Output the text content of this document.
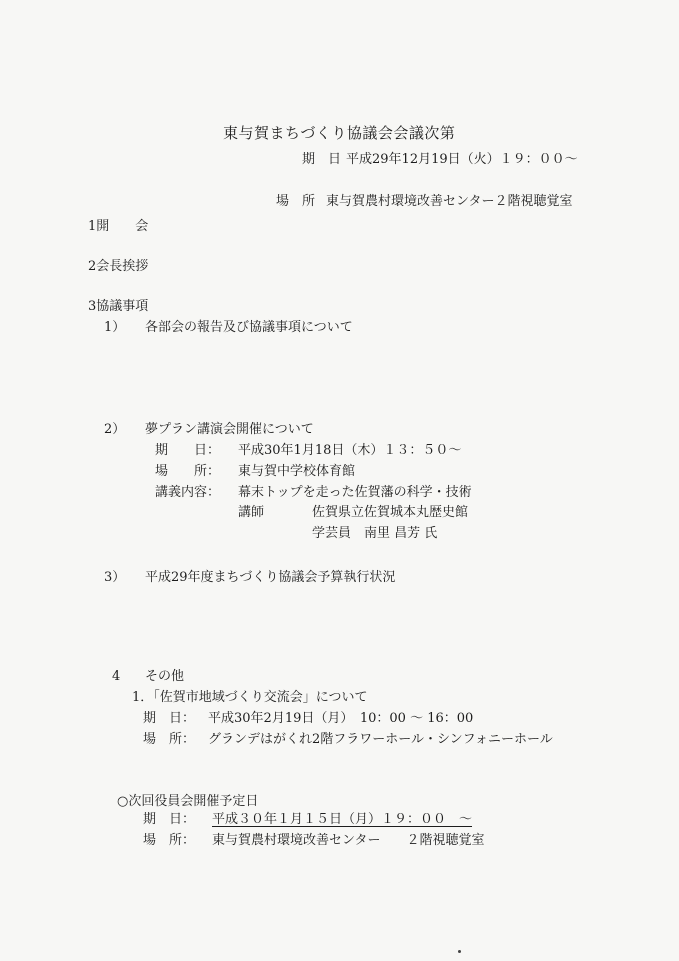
東与賀まちづくり協議会会議次第
期　日 平成29年12月19日（火）１９：００～
場　所 東与賀農村環境改善センター２階視聴覚室
1開　　会
2会長挨拶
3協議事項
1） 各部会の報告及び協議事項について
2） 夢プラン講演会開催について
期　　日： 平成30年1月18日（木）１３：５０～
場　　所： 東与賀中学校体育館
講義内容： 幕末トップを走った佐賀藩の科学・技術
講師	佐賀県立佐賀城本丸歴史館
学芸員　南里 昌芳 氏
3） 平成29年度まちづくり協議会予算執行状況
4 その他
1．「佐賀市地域づくり交流会」について
期　日： 平成30年2月19日（月）　10：00 ～ 16：00
場　所： グランデはがくれ2階フラワーホール・シンフォニーホール
○次回役員会開催予定日
期　日： 平成３０年１月１５日（月）１９：００　～
場　所： 東与賀農村環境改善センター　　２階視聴覚室
